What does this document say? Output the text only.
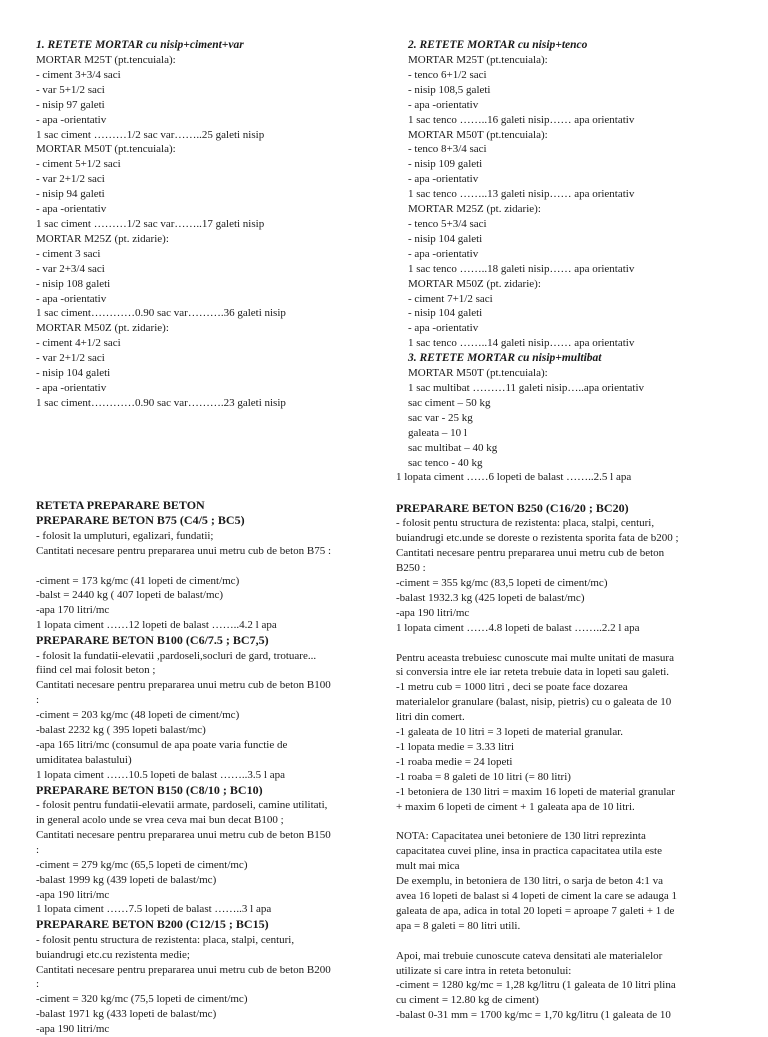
1. RETETE MORTAR cu nisip+ciment+var

MORTAR M25T (pt.tencuiala):

- ciment 3+3/4 saci

- var 5+1/2 saci

- nisip 97 galeti

- apa -orientativ

1 sac ciment ………1/2 sac var……..25 galeti nisip

MORTAR M50T (pt.tencuiala):

- ciment 5+1/2 saci

- var 2+1/2 saci

- nisip 94 galeti

- apa -orientativ

1 sac ciment ………1/2 sac var……..17 galeti nisip

MORTAR M25Z (pt. zidarie):

- ciment 3 saci

- var 2+3/4 saci

- nisip 108 galeti

- apa -orientativ

1 sac ciment…………0.90 sac var……….36 galeti nisip

MORTAR M50Z (pt. zidarie):

- ciment 4+1/2 saci

- var 2+1/2 saci

- nisip 104 galeti

- apa -orientativ

1 sac ciment…………0.90 sac var……….23 galeti nisip

2. RETETE MORTAR cu nisip+tenco

MORTAR M25T (pt.tencuiala):

- tenco 6+1/2 saci

- nisip 108,5 galeti

- apa -orientativ

1 sac tenco ……..16 galeti nisip…… apa orientativ

MORTAR M50T (pt.tencuiala):

- tenco 8+3/4 saci

- nisip 109 galeti

- apa -orientativ

1 sac tenco ……..13 galeti nisip…… apa orientativ

MORTAR M25Z (pt. zidarie):

- tenco 5+3/4 saci

- nisip 104 galeti

- apa -orientativ

1 sac tenco ……..18 galeti nisip…… apa orientativ

MORTAR M50Z (pt. zidarie):

- ciment 7+1/2 saci

- nisip 104 galeti

- apa -orientativ

1 sac tenco ……..14 galeti nisip…… apa orientativ

3. RETETE MORTAR cu nisip+multibat

MORTAR M50T (pt.tencuiala):

1 sac multibat ………11 galeti nisip…..apa orientativ

sac ciment – 50 kg

sac var - 25 kg

galeata – 10 l

sac multibat – 40 kg

sac tenco - 40 kg

1 lopata ciment ……6 lopeti de balast ……..2.5 l apa

RETETA PREPARARE BETON

PREPARARE BETON B75 (C4/5 ; BC5)

- folosit la umpluturi, egalizari, fundatii;

Cantitati necesare pentru prepararea unui metru cub de beton B75 :

-ciment = 173 kg/mc (41 lopeti de ciment/mc)

-balst = 2440 kg ( 407 lopeti de balast/mc)

-apa 170 litri/mc

1 lopata ciment ……12 lopeti de balast ……..4.2 l apa

PREPARARE BETON B100 (C6/7.5 ; BC7,5)

- folosit la fundatii-elevatii ,pardoseli,socluri de gard, trotuare...

fiind cel mai folosit beton ;

Cantitati necesare pentru prepararea unui metru cub de beton B100

:

-ciment = 203 kg/mc (48 lopeti de ciment/mc)

-balast 2232 kg ( 395 lopeti balast/mc)

-apa 165 litri/mc (consumul de apa poate varia functie de

umiditatea balastului)

1 lopata ciment ……10.5 lopeti de balast ……..3.5 l apa

PREPARARE BETON B150 (C8/10 ; BC10)

- folosit pentru fundatii-elevatii armate, pardoseli, camine utilitati,

in general acolo unde se vrea ceva mai bun decat B100 ;

Cantitati necesare pentru prepararea unui metru cub de beton B150

:

-ciment = 279 kg/mc (65,5 lopeti de ciment/mc)

-balast 1999 kg (439 lopeti de balast/mc)

-apa 190 litri/mc

1 lopata ciment ……7.5 lopeti de balast ……..3 l apa

PREPARARE BETON B200 (C12/15 ; BC15)

- folosit pentu structura de rezistenta: placa, stalpi, centuri,

buiandrugi etc.cu rezistenta medie;

Cantitati necesare pentru prepararea unui metru cub de beton B200

:

-ciment = 320 kg/mc (75,5 lopeti de ciment/mc)

-balast 1971 kg (433 lopeti de balast/mc)

-apa 190 litri/mc

PREPARARE BETON B250 (C16/20 ; BC20)

- folosit pentu structura de rezistenta: placa, stalpi, centuri,

buiandrugi etc.unde se doreste o rezistenta sporita fata de b200 ;

Cantitati necesare pentru prepararea unui metru cub de beton

B250 :

-ciment = 355 kg/mc (83,5 lopeti de ciment/mc)

-balast 1932.3 kg (425 lopeti de balast/mc)

-apa 190 litri/mc

1 lopata ciment ……4.8 lopeti de balast ……..2.2 l apa

Pentru aceasta trebuiesc cunoscute mai multe unitati de masura

si conversia intre ele iar reteta trebuie data in lopeti sau galeti.

-1 metru cub = 1000 litri , deci se poate face dozarea

materialelor granulare (balast, nisip, pietris) cu o galeata de 10

litri din comert.

-1 galeata de 10 litri = 3 lopeti de material granular.

-1 lopata medie = 3.33 litri

-1 roaba medie = 24 lopeti

-1 roaba = 8 galeti de 10 litri (= 80 litri)

-1 betoniera de 130 litri = maxim 16 lopeti de material granular

+ maxim 6 lopeti de ciment + 1 galeata apa de 10 litri.

NOTA: Capacitatea unei betoniere de 130 litri reprezinta

capacitatea cuvei pline, insa in practica capacitatea utila este

mult mai mica

De exemplu, in betoniera de 130 litri, o sarja de beton 4:1 va

avea 16 lopeti de balast si 4 lopeti de ciment la care se adauga 1

galeata de apa, adica in total 20 lopeti = aproape 7 galeti + 1 de

apa = 8 galeti = 80 litri utili.

Apoi, mai trebuie cunoscute cateva densitati ale materialelor

utilizate si care intra in reteta betonului:

-ciment = 1280 kg/mc = 1,28 kg/litru (1 galeata de 10 litri plina

cu ciment = 12.80 kg de ciment)

-balast 0-31 mm = 1700 kg/mc = 1,70 kg/litru (1 galeata de 10
